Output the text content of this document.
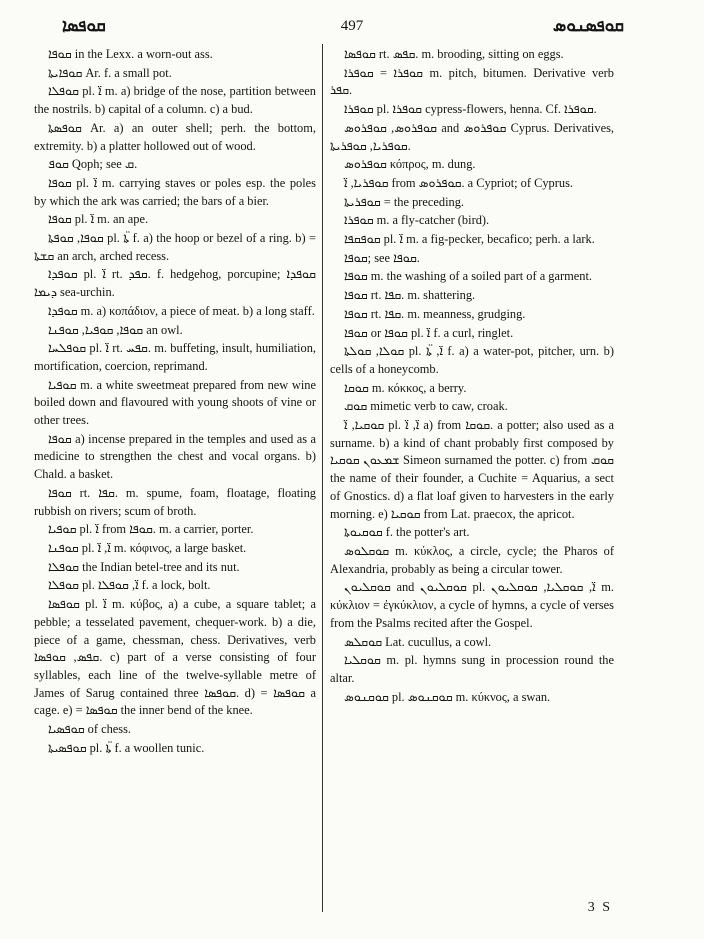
ܩܘܦܣܐ	497	ܩܘܦܣܢܘܣ

ܩܘܦܐ in the Lexx. a worn-out ass.

ܩܘܦܐܝܬܐ Ar. f. a small pot.

ܩܘܦܠܐ pl. ܐ̈ m. a) bridge of the nose, partition between the nostrils. b) capital of a column. c) a bud.

ܩܘܦܣܬܐ Ar. a) an outer shell; perh. the bottom, extremity. b) a platter hollowed out of wood.

ܩܘܦ Qoph; see ܩ.

ܩܘܦܐ pl. ܐ̈ m. carrying staves or poles esp. the poles by which the ark was carried; the bars of a bier.

ܩܘܦܐ pl. ܐ̈ m. an ape.

ܩܘܦܐ, ܩܘܦܬܐ pl. ܬܐ̈ f. a) the hoop or bezel of a ring. b) = ܩܫܬܐ an arch, arched recess.

ܩܘܦܕܐ pl. ܐ̈ rt. ܩܦܕ. f. hedgehog, porcupine; ܩܘܦܕܐ ܕܝܡܐ sea-urchin.

ܩܘܦܕܐ m. a) κοπάδιον, a piece of meat. b) a long staff.

ܩܘܦܐ, ܩܘܦܝܐ, ܩܘܦܢܐ an owl.

ܩܘܦܠܚܐ pl. ܐ̈ rt. ܩܦܚ. m. buffeting, insult, humiliation, mortification, coercion, reprimand.

ܩܘܦܝܐ m. a white sweetmeat prepared from new wine boiled down and flavoured with young shoots of vine or other trees.

ܩܘܦܐ a) incense prepared in the temples and used as a medicine to strengthen the chest and vocal organs. b) Chald. a basket.

ܩܘܦܐ rt. ܩܦܐ. m. spume, foam, floatage, floating rubbish on rivers; scum of broth.

ܩܘܦܝܐ pl. ܐ̈ from ܩܘܦܐ. m. a carrier, porter.

ܩܘܦܢܐ pl. ܐ̈, ܐ̈ m. κόφινος, a large basket.

ܩܘܦܠܐ the Indian betel-tree and its nut.

ܩܘܦܠܐ pl. ܐ̈, ܩܘܦܠܐ f. a lock, bolt.

ܩܘܦܣܐ pl. ܐ̈ m. κύβος, a) a cube, a square tablet; a pebble; a tesselated pavement, chequer-work. b) a die, piece of a game, chessman, chess. Derivatives, verb ܩܦܣ, ܩܘܦܣܐ. c) part of a verse consisting of four syllables, each line of the twelve-syllable metre of James of Sarug contained three ܩܘܦܣܐ. d) = ܩܘܦܣܐ a cage. e) = ܩܘܦܣܐ the inner bend of the knee.

ܩܘܦܣܝܐ of chess.

ܩܘܦܣܝܬܐ pl. ܬܐ̈ f. a woollen tunic.

ܩܘܦܣܐ rt. ܩܦܣ. m. brooding, sitting on eggs.

ܩܘܦܪܐ = ܩܘܦܪܐ m. pitch, bitumen. Derivative verb ܩܦܪ.

ܩܘܦܪܐ pl. ܩܘܦܪܐ cypress-flowers, henna. Cf. ܩܘܦܪܐ.

ܩܘܦܪܘܣ, ܩܘܦܪܘܣ and ܩܘܦܪܘܣ Cyprus. Derivatives, ܩܘܦܪܝܐ, ܩܘܦܪܝܬܐ.

ܩܘܦܪܘܣ κόπρος, m. dung.

ܩܘܦܪܝܐ, ܐ̈ from ܩܘܦܪܘܣ. a Cypriot; of Cyprus.

ܩܘܦܪܝܬܐ = the preceding.

ܩܘܦܪܐ m. a fly-catcher (bird).

ܩܘܦܩܦܐ pl. ܐ̈ m. a fig-pecker, becafico; perh. a lark.

ܩܘܦܐ; see ܩܘܦܐ.

ܩܘܦܐ m. the washing of a soiled part of a garment.

ܩܘܦܐ rt. ܩܦܐ. m. shattering.

ܩܘܦܐ rt. ܩܦܐ. m. meanness, grudging.

ܩܘܦܐ or ܩܘܦܐ pl. ܐ̈ f. a curl, ringlet.

ܩܘܠܐ, ܩܘܠܬܐ pl. ܐ̈, ܬܐ̈ f. a) a water-pot, pitcher, urn. b) cells of a honeycomb.

ܩܘܩܐ m. κόκκος, a berry.

ܩܘܩ mimetic verb to caw, croak.

ܩܘܩܝܐ, ܐ̈ pl. ܐ̈, ܐ̈ a) from ܩܘܩܐ. a potter; also used as a surname. b) a kind of chant probably first composed by ܫܡܥܘܢ ܩܘܩܝܐ Simeon surnamed the potter. c) from ܩܘܩ the name of their founder, a Cuchite = Aquarius, a sect of Gnostics. d) a flat loaf given to harvesters in the early morning. e) ܩܘܩܝܐ from Lat. praecox, the apricot.

ܩܘܩܝܘܬܐ f. the potter's art.

ܩܘܩܠܘܣ m. κύκλος, a circle, cycle; the Pharos of Alexandria, probably as being a circular tower.

ܩܘܩܠܝܘܢ and ܩܘܩܠܝܘܢ pl. ܐ̈, ܩܘܩܠܝܐ, ܩܘܩܠܝܘܢ m. κύκλιον = ἐγκύκλιον, a cycle of hymns, a cycle of verses from the Psalms recited after the Gospel.

ܩܘܩܠܣ Lat. cucullus, a cowl.

ܩܘܩܠܝܐ m. pl. hymns sung in procession round the altar.

ܩܘܩܢܘܣ pl. ܩܘܩܢܘܣ m. κύκνος, a swan.

3 S
